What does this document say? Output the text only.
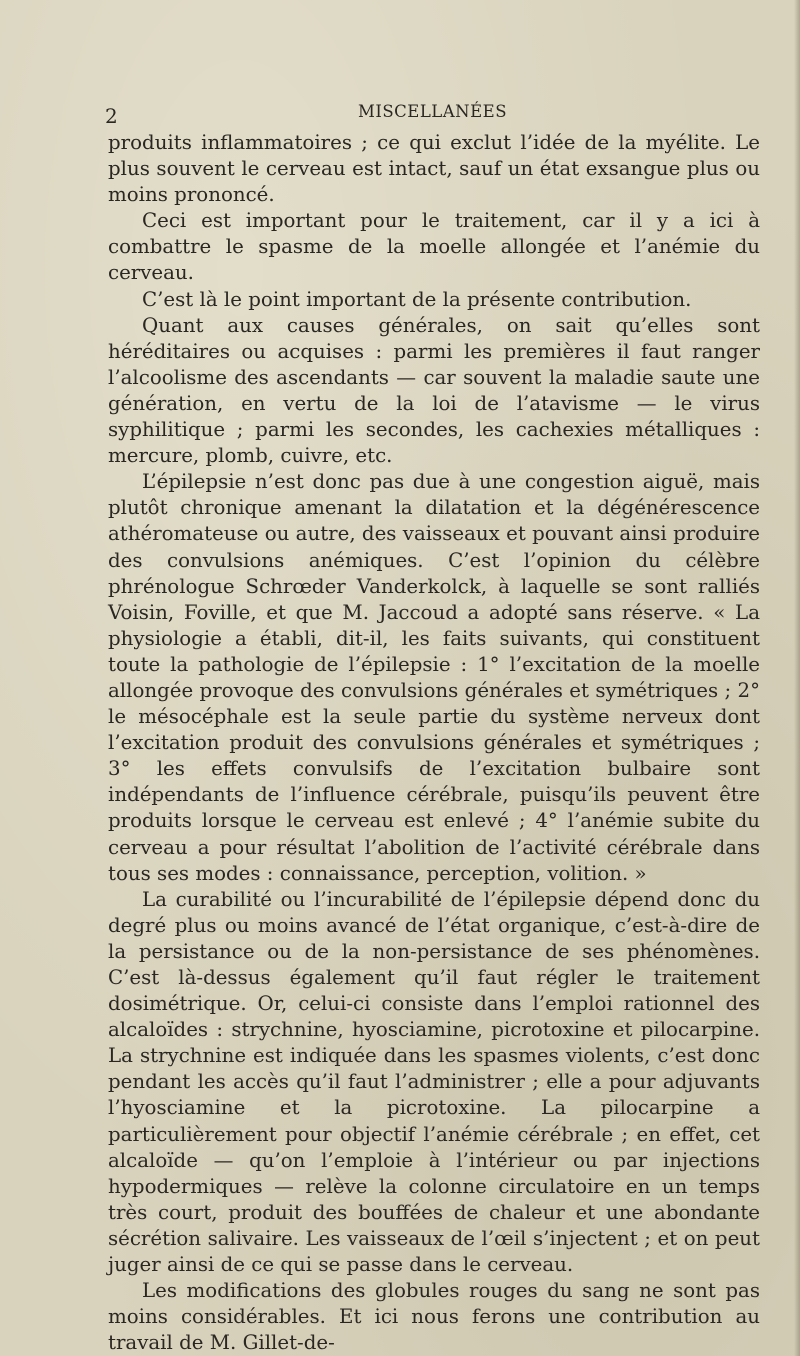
2	MISCELLANÉES

produits inflammatoires ; ce qui exclut l’idée de la myélite. Le plus souvent le cerveau est intact, sauf un état exsangue plus ou moins prononcé.

Ceci est important pour le traitement, car il y a ici à combattre le spasme de la moelle allongée et l’anémie du cerveau.

C’est là le point important de la présente contribution.

Quant aux causes générales, on sait qu’elles sont héréditaires ou acquises : parmi les premières il faut ranger l’alcoolisme des ascendants — car souvent la maladie saute une génération, en vertu de la loi de l’atavisme — le virus syphilitique ; parmi les secondes, les cachexies métalliques : mercure, plomb, cuivre, etc.

L’épilepsie n’est donc pas due à une congestion aiguë, mais plutôt chronique amenant la dilatation et la dégénérescence athéromateuse ou autre, des vaisseaux et pouvant ainsi produire des convulsions anémiques. C’est l’opinion du célèbre phrénologue Schrœder Vanderkolck, à laquelle se sont ralliés Voisin, Foville, et que M. Jaccoud a adopté sans réserve. « La physiologie a établi, dit-il, les faits suivants, qui constituent toute la pathologie de l’épilepsie : 1° l’excitation de la moelle allongée provoque des convulsions générales et symétriques ; 2° le mésocéphale est la seule partie du système nerveux dont l’excitation produit des convulsions générales et symétriques ; 3° les effets convulsifs de l’excitation bulbaire sont indépendants de l’influence cérébrale, puisqu’ils peuvent être produits lorsque le cerveau est enlevé ; 4° l’anémie subite du cerveau a pour résultat l’abolition de l’activité cérébrale dans tous ses modes : connaissance, perception, volition. »

La curabilité ou l’incurabilité de l’épilepsie dépend donc du degré plus ou moins avancé de l’état organique, c’est-à-dire de la persistance ou de la non-persistance de ses phénomènes. C’est là-dessus également qu’il faut régler le traitement dosimétrique. Or, celui-ci consiste dans l’emploi rationnel des alcaloïdes : strychnine, hyosciamine, picrotoxine et pilocarpine. La strychnine est indiquée dans les spasmes violents, c’est donc pendant les accès qu’il faut l’administrer ; elle a pour adjuvants l’hyosciamine et la picrotoxine. La pilocarpine a particulièrement pour objectif l’anémie cérébrale ; en effet, cet alcaloïde — qu’on l’emploie à l’intérieur ou par injections hypodermiques — relève la colonne circulatoire en un temps très court, produit des bouffées de chaleur et une abondante sécrétion salivaire. Les vaisseaux de l’œil s’injectent ; et on peut juger ainsi de ce qui se passe dans le cerveau.

Les modifications des globules rouges du sang ne sont pas moins considérables. Et ici nous ferons une contribution au travail de M. Gillet-de-
